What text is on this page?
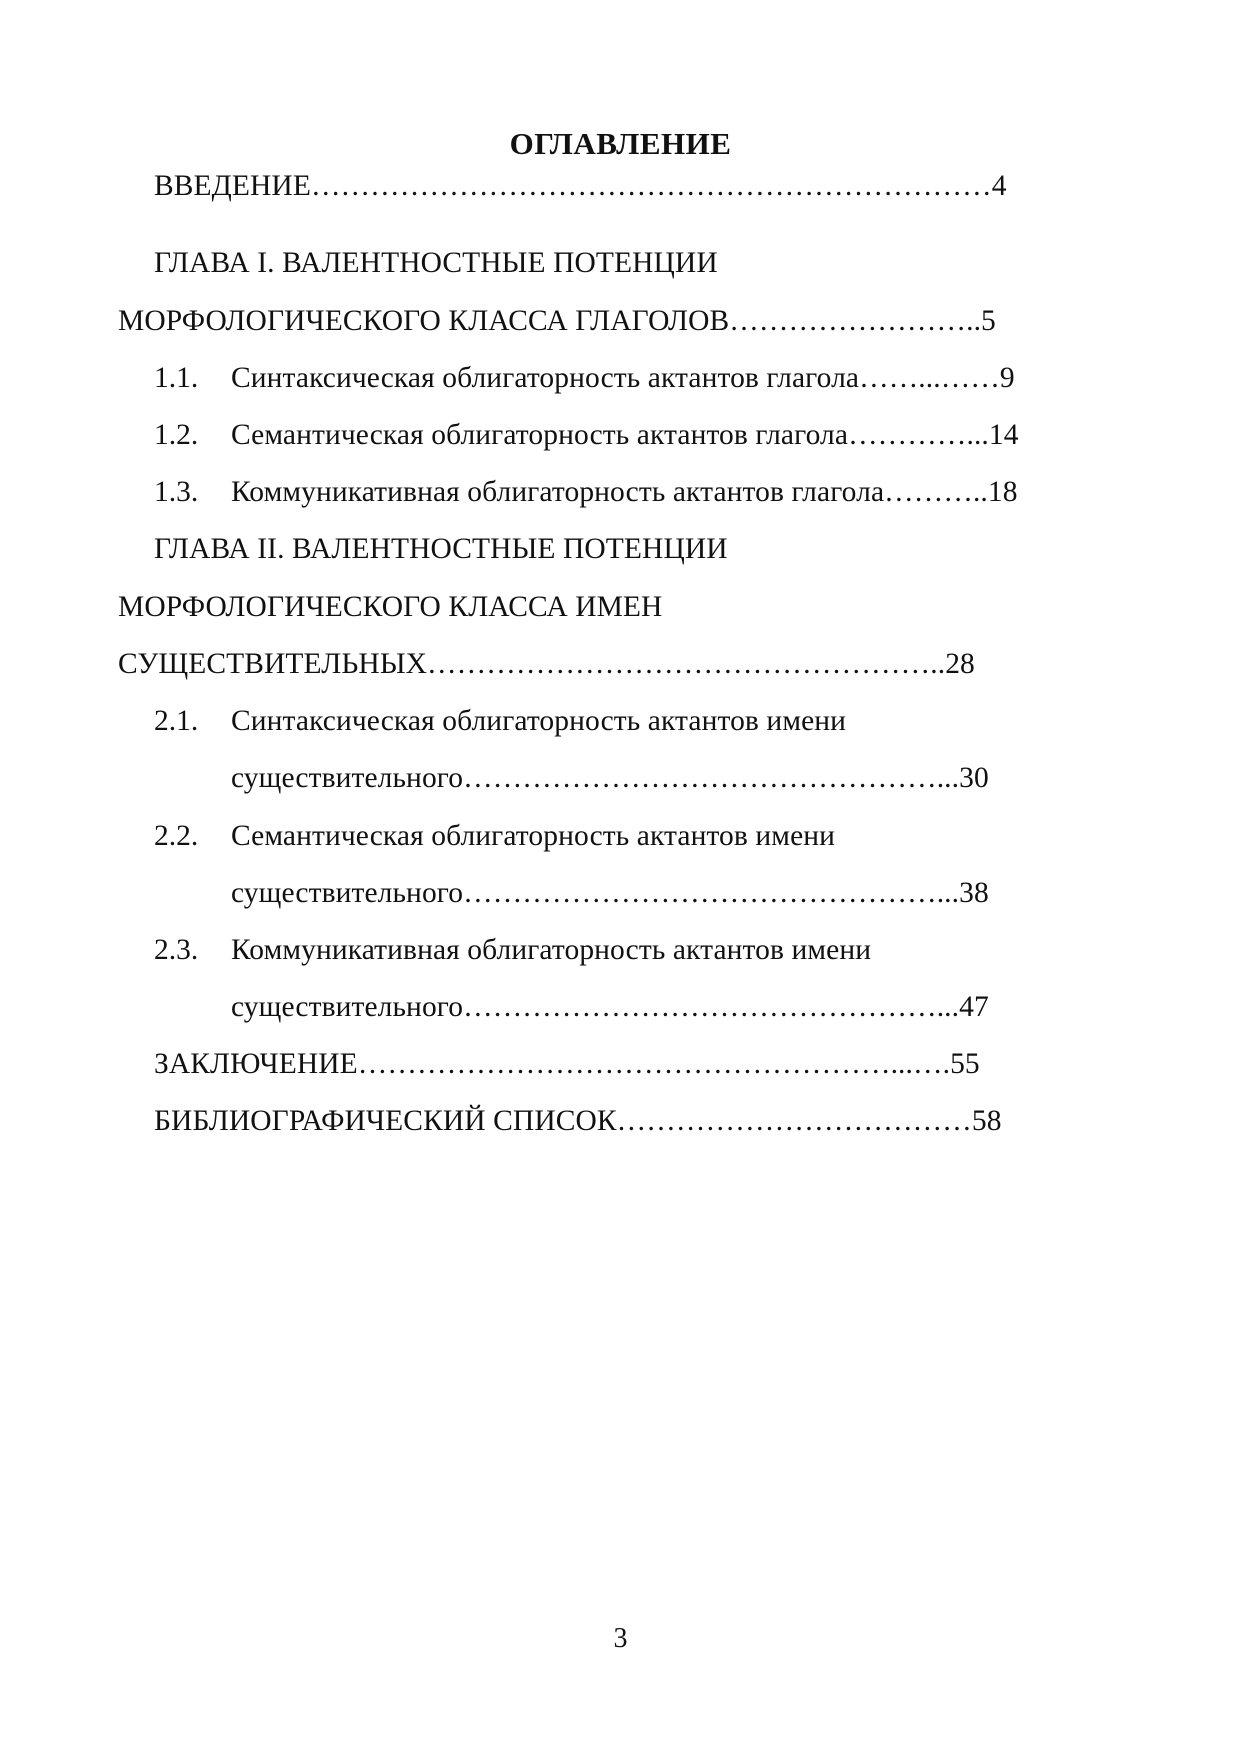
ОГЛАВЛЕНИЕ
ВВЕДЕНИЕ……………………………………………………………4
ГЛАВА I. ВАЛЕНТНОСТНЫЕ ПОТЕНЦИИ
МОРФОЛОГИЧЕСКОГО КЛАССА ГЛАГОЛОВ……………………..5
1.1. Синтаксическая облигаторность актантов глагола……...……9
1.2. Семантическая облигаторность актантов глагола…………...14
1.3. Коммуникативная облигаторность актантов глагола………..18
ГЛАВА II. ВАЛЕНТНОСТНЫЕ ПОТЕНЦИИ
МОРФОЛОГИЧЕСКОГО КЛАССА ИМЕН
СУЩЕСТВИТЕЛЬНЫХ……………………………………………..28
2.1. Синтаксическая облигаторность актантов имени
существительного…………………………………………...30
2.2. Семантическая облигаторность актантов имени
существительного…………………………………………...38
2.3. Коммуникативная облигаторность актантов имени
существительного…………………………………………...47
ЗАКЛЮЧЕНИЕ………………………………………………...….55
БИБЛИОГРАФИЧЕСКИЙ СПИСОК………………………………58
3
